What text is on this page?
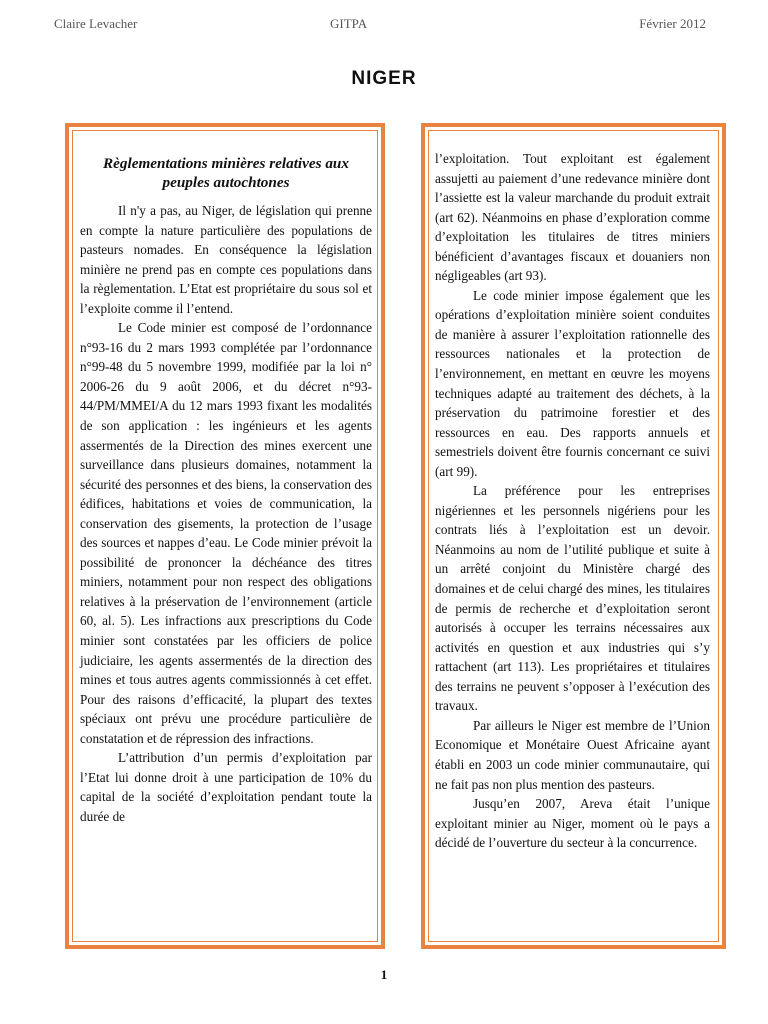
Claire Levacher	GITPA	Février 2012
NIGER
Règlementations minières relatives aux peuples autochtones

Il n'y a pas, au Niger, de législation qui prenne en compte la nature particulière des populations de pasteurs nomades. En conséquence la législation minière ne prend pas en compte ces populations dans la règlementation. L’Etat est propriétaire du sous sol et l’exploite comme il l’entend.

Le Code minier est composé de l’ordonnance n°93-16 du 2 mars 1993 complétée par l’ordonnance n°99-48 du 5 novembre 1999, modifiée par la loi n° 2006-26 du 9 août 2006, et du décret n°93-44/PM/MMEI/A du 12 mars 1993 fixant les modalités de son application : les ingénieurs et les agents assermentés de la Direction des mines exercent une surveillance dans plusieurs domaines, notamment la sécurité des personnes et des biens, la conservation des édifices, habitations et voies de communication, la conservation des gisements, la protection de l’usage des sources et nappes d’eau. Le Code minier prévoit la possibilité de prononcer la déchéance des titres miniers, notamment pour non respect des obligations relatives à la préservation de l’environnement (article 60, al. 5). Les infractions aux prescriptions du Code minier sont constatées par les officiers de police judiciaire, les agents assermentés de la direction des mines et tous autres agents commissionnés à cet effet. Pour des raisons d’efficacité, la plupart des textes spéciaux ont prévu une procédure particulière de constatation et de répression des infractions.

L’attribution d’un permis d’exploitation par l’Etat lui donne droit à une participation de 10% du capital de la société d’exploitation pendant toute la durée de

l’exploitation. Tout exploitant est également assujetti au paiement d’une redevance minière dont l’assiette est la valeur marchande du produit extrait (art 62). Néanmoins en phase d’exploration comme d’exploitation les titulaires de titres miniers bénéficient d’avantages fiscaux et douaniers non négligeables (art 93).

Le code minier impose également que les opérations d’exploitation minière soient conduites de manière à assurer l’exploitation rationnelle des ressources nationales et la protection de l’environnement, en mettant en œuvre les moyens techniques adapté au traitement des déchets, à la préservation du patrimoine forestier et des ressources en eau. Des rapports annuels et semestriels doivent être fournis concernant ce suivi (art 99).

La préférence pour les entreprises nigériennes et les personnels nigériens pour les contrats liés à l’exploitation est un devoir. Néanmoins au nom de l’utilité publique et suite à un arrêté conjoint du Ministère chargé des domaines et de celui chargé des mines, les titulaires de permis de recherche et d’exploitation seront autorisés à occuper les terrains nécessaires aux activités en question et aux industries qui s’y rattachent (art 113). Les propriétaires et titulaires des terrains ne peuvent s’opposer à l’exécution des travaux.

Par ailleurs le Niger est membre de l’Union Economique et Monétaire Ouest Africaine ayant établi en 2003 un code minier communautaire, qui ne fait pas non plus mention des pasteurs.

Jusqu’en 2007, Areva était l’unique exploitant minier au Niger, moment où le pays a décidé de l’ouverture du secteur à la concurrence.

1
